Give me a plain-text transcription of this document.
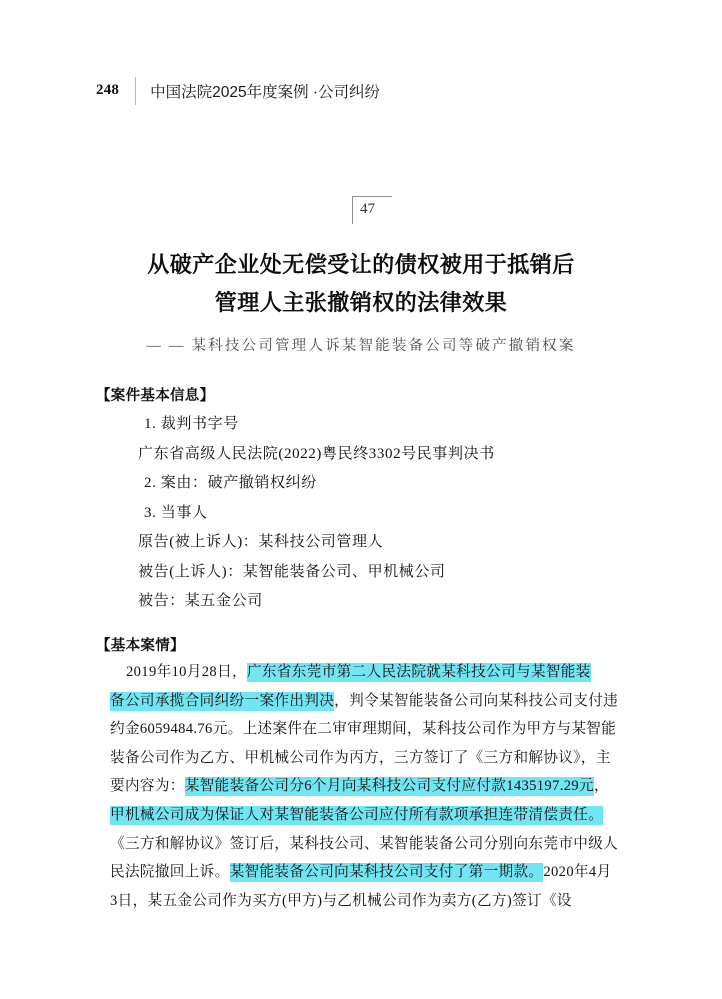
248 中国法院2025年度案例 ·公司纠纷
47
从破产企业处无偿受让的债权被用于抵销后
管理人主张撤销权的法律效果
— — 某科技公司管理人诉某智能装备公司等破产撤销权案
【案件基本信息】
1. 裁判书字号
广东省高级人民法院(2022)粤民终3302号民事判决书
2. 案由：破产撤销权纠纷
3. 当事人
原告(被上诉人)：某科技公司管理人
被告(上诉人)：某智能装备公司、甲机械公司
被告：某五金公司
【基本案情】
2019年10月28日，广东省东莞市第二人民法院就某科技公司与某智能装
备公司承揽合同纠纷一案作出判决，判令某智能装备公司向某科技公司支付违
约金6059484.76元。上述案件在二审审理期间，某科技公司作为甲方与某智能
装备公司作为乙方、甲机械公司作为丙方，三方签订了《三方和解协议》，主
要内容为：某智能装备公司分6个月向某科技公司支付应付款1435197.29元，
甲机械公司成为保证人对某智能装备公司应付所有款项承担连带清偿责任。
《三方和解协议》签订后，某科技公司、某智能装备公司分别向东莞市中级人
民法院撤回上诉。某智能装备公司向某科技公司支付了第一期款。2020年4月
3日，某五金公司作为买方(甲方)与乙机械公司作为卖方(乙方)签订《设
